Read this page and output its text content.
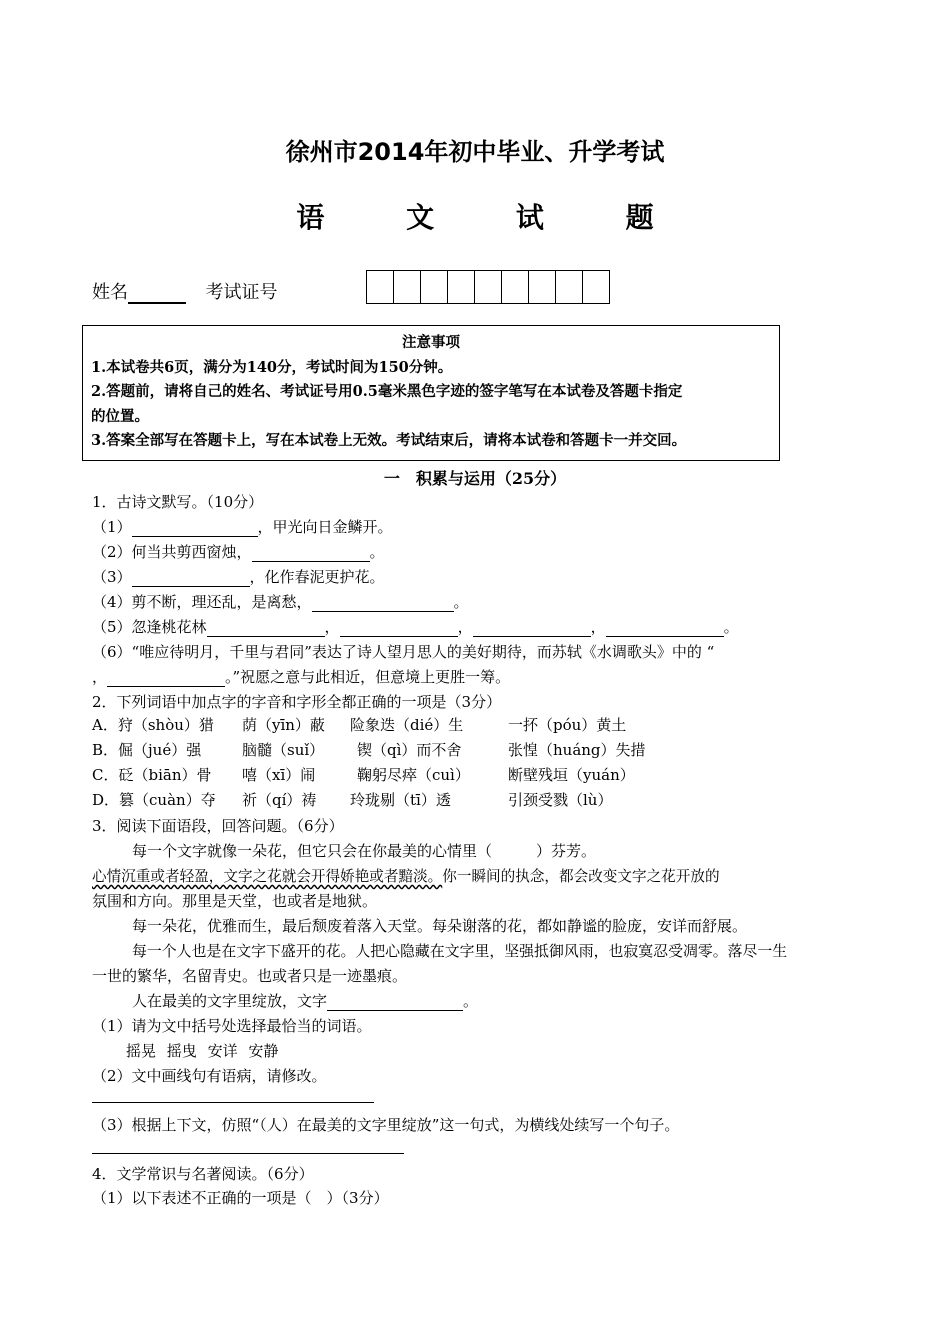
徐州市2014年初中毕业、升学考试
语 文 试 题
姓名	考试证号
注意事项
1.本试卷共6页，满分为140分，考试时间为150分钟。
2.答题前，请将自己的姓名、考试证号用0.5毫米黑色字迹的签字笔写在本试卷及答题卡指定
的位置。
3.答案全部写在答题卡上，写在本试卷上无效。考试结束后，请将本试卷和答题卡一并交回。
一　积累与运用（25分）
1．古诗文默写。（10分）
（1）	，甲光向日金鳞开。
（2）何当共剪西窗烛，	。
（3）	，化作春泥更护花。
（4）剪不断，理还乱，是离愁，	。
（5）忽逢桃花林	，	，	，	。
（6）“唯应待明月，千里与君同”表达了诗人望月思人的美好期待，而苏轼《水调歌头》中的 “
，	。”祝愿之意与此相近，但意境上更胜一筹。
2．下列词语中加点字的字音和字形全都正确的一项是（3分）
A．狩（shòu）猎 荫（yīn）蔽 险象迭（dié）生	一抔（póu）黄土
B．倔（jué）强	脑髓（suǐ） 锲（qì）而不舍	张惶（huáng）失措
C．砭（biān）骨 嘻（xī）闹	鞠躬尽瘁（cuì）	断壁残垣（yuán）
D．篡（cuàn）夺 祈（qí）祷 玲珑剔（tī）透	引颈受戮（lù）
3．阅读下面语段，回答问题。（6分）
每一个文字就像一朵花，但它只会在你最美的心情里（	）芬芳。
心情沉重或者轻盈，文字之花就会开得娇艳或者黯淡。你一瞬间的执念，都会改变文字之花开放的
氛围和方向。那里是天堂，也或者是地狱。
每一朵花，优雅而生，最后颓废着落入天堂。每朵谢落的花，都如静谧的脸庞，安详而舒展。
每一个人也是在文字下盛开的花。人把心隐藏在文字里，坚强抵御风雨，也寂寞忍受凋零。落尽一生
一世的繁华，名留青史。也或者只是一迹墨痕。
人在最美的文字里绽放，文字	。
（1）请为文中括号处选择最恰当的词语。
摇晃 摇曳 安详 安静
（2）文中画线句有语病，请修改。
（3）根据上下文，仿照“（人）在最美的文字里绽放”这一句式，为横线处续写一个句子。
4．文学常识与名著阅读。（6分）
（1）以下表述不正确的一项是（　）（3分）
